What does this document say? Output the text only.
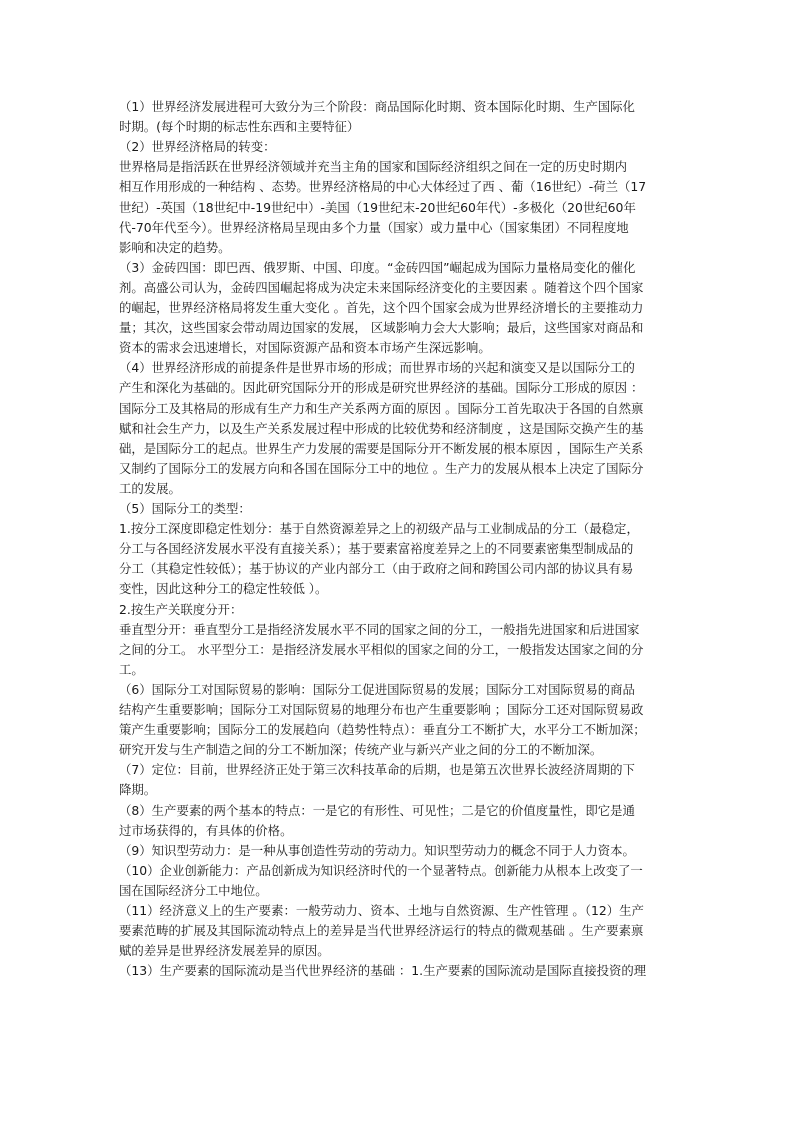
（1）世界经济发展进程可大致分为三个阶段：商品国际化时期、资本国际化时期、生产国际化
时期。(每个时期的标志性东西和主要特征）
（2）世界经济格局的转变：
世界格局是指活跃在世界经济领域并充当主角的国家和国际经济组织之间在一定的历史时期内
相互作用形成的一种结构 、态势。世界经济格局的中心大体经过了西 、葡（16世纪）-荷兰（17
世纪）-英国（18世纪中-19世纪中）-美国（19世纪末-20世纪60年代）-多极化（20世纪60年
代-70年代至今）。世界经济格局呈现由多个力量（国家）或力量中心（国家集团）不同程度地
影响和决定的趋势。
（3）金砖四国：即巴西、俄罗斯、中国、印度。“金砖四国”崛起成为国际力量格局变化的催化
剂。高盛公司认为，金砖四国崛起将成为决定未来国际经济变化的主要因素 。随着这个四个国家
的崛起，世界经济格局将发生重大变化 。首先，这个四个国家会成为世界经济增长的主要推动力
量；其次，这些国家会带动周边国家的发展， 区域影响力会大大影响；最后，这些国家对商品和
资本的需求会迅速增长，对国际资源产品和资本市场产生深远影响。
（4）世界经济形成的前提条件是世界市场的形成；而世界市场的兴起和演变又是以国际分工的
产生和深化为基础的。因此研究国际分开的形成是研究世界经济的基础。国际分工形成的原因 ：
国际分工及其格局的形成有生产力和生产关系两方面的原因 。国际分工首先取决于各国的自然禀
赋和社会生产力，以及生产关系发展过程中形成的比较优势和经济制度 ，这是国际交换产生的基
础，是国际分工的起点。世界生产力发展的需要是国际分开不断发展的根本原因 ，国际生产关系
又制约了国际分工的发展方向和各国在国际分工中的地位 。生产力的发展从根本上决定了国际分
工的发展。
（5）国际分工的类型：
1.按分工深度即稳定性划分：基于自然资源差异之上的初级产品与工业制成品的分工（最稳定，
分工与各国经济发展水平没有直接关系）；基于要素富裕度差异之上的不同要素密集型制成品的
分工（其稳定性较低）；基于协议的产业内部分工（由于政府之间和跨国公司内部的协议具有易
变性，因此这种分工的稳定性较低 ）。
2.按生产关联度分开：
垂直型分开：垂直型分工是指经济发展水平不同的国家之间的分工，一般指先进国家和后进国家
之间的分工。 水平型分工：是指经济发展水平相似的国家之间的分工，一般指发达国家之间的分
工。
（6）国际分工对国际贸易的影响：国际分工促进国际贸易的发展；国际分工对国际贸易的商品
结构产生重要影响；国际分工对国际贸易的地理分布也产生重要影响 ；国际分工还对国际贸易政
策产生重要影响；国际分工的发展趋向（趋势性特点）：垂直分工不断扩大，水平分工不断加深；
研究开发与生产制造之间的分工不断加深；传统产业与新兴产业之间的分工的不断加深。
（7）定位：目前，世界经济正处于第三次科技革命的后期，也是第五次世界长波经济周期的下
降期。
（8）生产要素的两个基本的特点：一是它的有形性、可见性；二是它的价值度量性，即它是通
过市场获得的，有具体的价格。
（9）知识型劳动力：是一种从事创造性劳动的劳动力。知识型劳动力的概念不同于人力资本。
（10）企业创新能力：产品创新成为知识经济时代的一个显著特点。创新能力从根本上改变了一
国在国际经济分工中地位。
（11）经济意义上的生产要素：一般劳动力、资本、土地与自然资源、生产性管理 。（12）生产
要素范畴的扩展及其国际流动特点上的差异是当代世界经济运行的特点的微观基础 。生产要素禀
赋的差异是世界经济发展差异的原因。
（13）生产要素的国际流动是当代世界经济的基础 ：1.生产要素的国际流动是国际直接投资的理
